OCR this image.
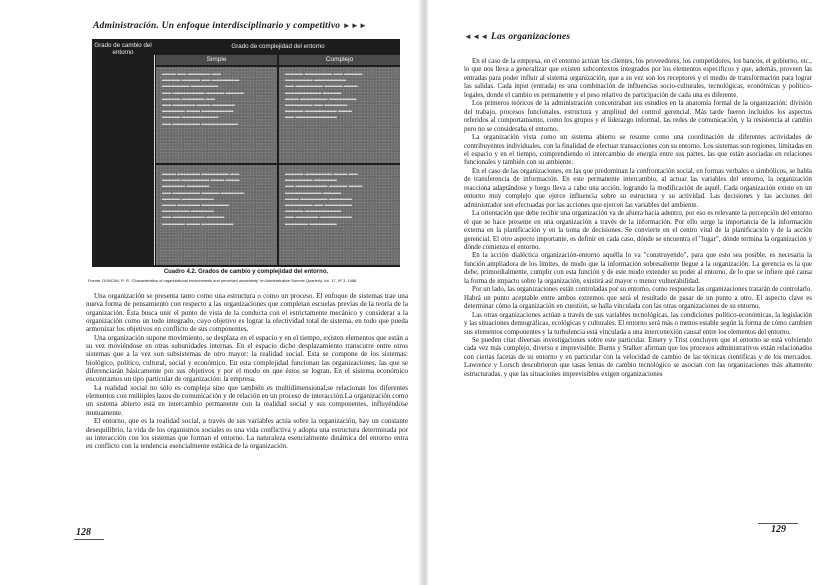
Administración. Un enfoque interdisciplinario y competitivo ►►►
Grado de cambio del entorno
Grado de complejidad del entorno
Simple	Complejo
▬▬▬ ▬▬ ▬▬▬▬▬ ▬▬
▬▬▬▬ ▬▬▬▬ ▬▬ ▬▬▬▬▬▬
▬▬▬▬▬▬ ▬▬▬▬▬▬
▬▬ ▬▬▬▬▬▬▬ ▬▬▬▬ ▬▬▬▬
▬▬▬▬ ▬▬▬▬▬ ▬▬
▬▬ ▬▬▬▬▬ ▬▬▬ ▬▬▬▬▬
▬▬▬▬▬ ▬▬▬ ▬▬▬▬▬▬▬
▬▬▬▬ ▬▬▬▬▬▬▬▬
▬▬ ▬▬▬▬▬▬ ▬▬▬▬▬▬▬▬
▬▬▬▬ ▬▬▬▬▬▬ ▬▬ ▬▬▬▬
▬▬▬▬▬▬ ▬▬▬▬▬▬▬
▬▬ ▬▬▬▬▬▬ ▬▬▬▬ ▬▬▬
▬▬▬▬▬▬▬▬ ▬▬▬▬
▬▬▬ ▬▬▬▬▬▬ ▬▬▬▬▬▬
▬▬▬▬▬▬ ▬▬ ▬▬▬▬▬
▬▬▬▬ ▬▬▬▬▬▬▬ ▬▬▬
▬▬ ▬▬▬▬▬▬▬▬▬
▬▬▬ ▬▬▬▬▬ ▬▬▬▬▬▬ ▬▬
▬▬▬▬ ▬▬▬▬▬▬ ▬▬▬ ▬▬▬
▬▬▬▬▬ ▬▬▬▬▬
▬▬ ▬▬▬▬▬▬ ▬▬▬▬ ▬▬▬▬▬
▬▬▬▬ ▬▬▬▬▬▬▬
▬▬▬ ▬▬▬▬▬ ▬▬▬▬▬▬
▬▬▬▬▬▬ ▬▬▬▬▬
▬▬ ▬▬▬▬▬▬▬ ▬▬▬▬
▬▬▬▬▬ ▬▬▬ ▬▬▬▬▬▬▬
▬▬▬▬ ▬▬▬▬▬▬ ▬▬▬ ▬▬
▬▬▬▬▬▬ ▬▬▬▬▬
▬▬ ▬▬▬▬▬▬▬ ▬▬▬▬ ▬▬▬
▬▬▬▬▬▬▬▬ ▬▬▬▬
▬▬▬ ▬▬▬▬▬▬ ▬▬▬▬▬
▬▬▬▬▬▬ ▬▬ ▬▬▬▬▬▬
▬▬▬▬ ▬▬▬▬▬▬▬▬
▬▬ ▬▬▬▬▬ ▬▬▬▬▬▬▬
▬▬▬▬▬ ▬▬▬▬▬▬
Cuadro 4.2. Grados de cambio y complejidad del entorno.
Fuente: DUNCAN, R. R. "Characteristics of organizational environments and perceived uncertainty" en Administrative Science Quarterly, Vol. 17, Nº 3, 1988.

Una organización se presenta tanto como una estructura o como un proceso. El enfoque de sistemas trae una nueva forma de pensamiento con respecto a las organizaciones que completan escuelas previas de la teoría de la organización. Ésta busca unir el punto de vista de la conducta con el estrictamente mecánico y considerar a la organización como un todo integrado, cuyo objetivo es lograr la efectividad total de sistema, en todo que pueda armonizar los objetivos en conflicto de sus componentes.

Una organización supone movimiento, se desplaza en el espacio y en el tiempo, existen elementos que están a su vez moviéndose en otras subunidades internas. En el espacio dicho desplazamiento transcurre entre otros sistemas que a la vez son subsistemas de otro mayor: la realidad social. Esta se compone de los sistemas: biológico, político, cultural, social y económico. En esta complejidad funcionan las organizaciones, las que se diferenciarán básicamente por sus objetivos y por el modo en que éstos se logran. En el sistema económico encontramos un tipo particular de organización: la empresa.

La realidad social no sólo es compleja sino que también es multidimensional,se relacionan los diferentes elementos con múltiples lazos de comunicación y de relación en un proceso de interacción.La organización como un sistema abierto está en intercambio permanente con la realidad social y sus componentes, influyéndose mutuamente.

El entorno, que es la realidad social, a través de sus variables actúa sobre la organización, hay un constante desequilibrio, la vida de los organismos sociales es una vida conflictiva y adopta una estructura determinada por su interacción con los sistemas que forman el entorno. La naturaleza esencialmente dinámica del entorno entra en conflicto con la tendencia esencialmente estática de la organización.

128
◄◄◄ Las organizaciones

En el caso de la empresa, en el entorno actúan los clientes, los proveedores, los competidores, los bancos, el gobierno, etc., lo que nos lleva a generalizar que existen subcontextos integrados por los elementos específicos y que, además, proveen las entradas para poder influir al sistema organización, que a su vez son los receptores y el medio de transformación para lograr las salidas. Cada input (entrada) es una combinación de influencias socio-culturales, tecnológicas, económicas y político-legales, donde el cambio es permanente y el peso relativo de participación de cada una es diferente.

Los primeros teóricos de la administración concentraban sus estudios en la anatomía formal de la organización: división del trabajo, procesos funcionales, estructura y amplitud del control gerencial. Más tarde fueron incluidos los aspectos referidos al comportamiento, como los grupos y el liderazgo informal, las redes de comunicación, y la resistencia al cambio pero no se consideraba el entorno.

La organización vista como un sistema abierto se resume como una coordinación de diferentes actividades de contribuyentes individuales, con la finalidad de efectuar transacciones con su entorno. Los sistemas son regiones, limitadas en el espacio y en el tiempo, comprendiendo el intercambio de energía entre sus partes, las que están asociadas en relaciones funcionales y también con su ambiente.

En el caso de las organizaciones, en las que predominan la confrontación social, en formas verbales o simbólicos, se habla de transferencia de información. En este permanente intercambio, al actuar las variables del entorno, la organización reacciona adaptándose y luego lleva a cabo una acción, logrando la modificación de aquél. Cada organización existe en un entorno muy complejo que ejerce influencia sobre su estructura y su actividad. Las decisiones y las acciones del administrador son efectuadas por las acciones que ejercen las variables del ambiente.

La orientación que debe recibir una organización va de afuera hacia adentro, por eso es relevante la percepción del entorno el que se hace presente en una organización a través de la información. Por ello surge la importancia de la información externa en la planificación y en la toma de decisiones. Se convierte en el centro vital de la planificación y de la acción gerencial. El otro aspecto importante, es definir en cada caso, dónde se encuentra el "lugar", dónde termina la organización y dónde comienza el entorno.

En la acción dialéctica organización-entorno aquélla lo va "construyendo", para que esto sea posible, es necesaria la función ampliadora de los límites, de modo que la información sobresaliente llegue a la organización. La gerencia es la que debe, primordialmente, cumplir con esta función y de este modo extender su poder al entorno, de lo que se infiere qué causa la forma de impacto sobre la organización, existirá así mayor o menor vulnerabilidad.

Por un lado, las organizaciones están controladas por su entorno, como respuesta las organizaciones tratarán de controlarlo. Habrá un punto aceptable entre ambos extremos que será el resultado de pasar de un punto a otro. El aspecto clave es determinar cómo la organización en cuestión, se halla vinculada con las otras organizaciones de su entorno.

Las otras organizaciones actúan a través de sus variables tecnológicas, las condiciones político-económicas, la legislación y las situaciones demográficas, ecológicas y culturales. El entorno será más o menos estable según la forma de cómo cambien sus elementos componentes y la turbulencia está vinculada a una interconexión causal entre los elementos del entorno.

Se pueden citar diversas investigaciones sobre este particular. Emery y Trist concluyen que el entorno se está volviendo cada vez más complejo, diverso e imprevisible. Burns y Stalker afirman que los procesos administrativos están relacionados con ciertas facetas de su entorno y en particular con la velocidad de cambio de las técnicas científicas y de los mercados. Lawrence y Lorsch descubrieron que tasas lentas de cambio tecnológico se asocian con las organizaciones más altamente estructuradas, y que las situaciones imprevisibles exigen organizaciones

129
